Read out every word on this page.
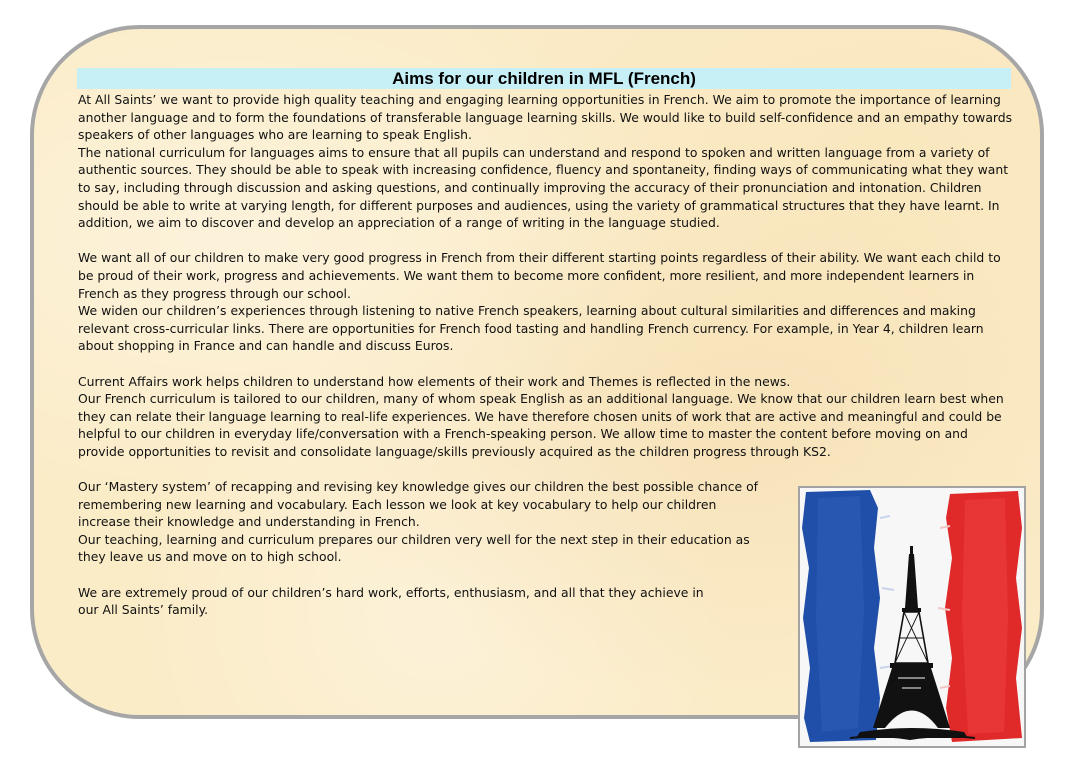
Aims for our children in MFL (French)

At All Saints’ we want to provide high quality teaching and engaging learning opportunities in French. We aim to promote the importance of learning another language and to form the foundations of transferable language learning skills. We would like to build self-confidence and an empathy towards speakers of other languages who are learning to speak English.

The national curriculum for languages aims to ensure that all pupils can understand and respond to spoken and written language from a variety of authentic sources. They should be able to speak with increasing confidence, fluency and spontaneity, finding ways of communicating what they want to say, including through discussion and asking questions, and continually improving the accuracy of their pronunciation and intonation. Children should be able to write at varying length, for different purposes and audiences, using the variety of grammatical structures that they have learnt. In addition, we aim to discover and develop an appreciation of a range of writing in the language studied.

We want all of our children to make very good progress in French from their different starting points regardless of their ability. We want each child to be proud of their work, progress and achievements. We want them to become more confident, more resilient, and more independent learners in French as they progress through our school.

We widen our children’s experiences through listening to native French speakers, learning about cultural similarities and differences and making relevant cross-curricular links. There are opportunities for French food tasting and handling French currency. For example, in Year 4, children learn about shopping in France and can handle and discuss Euros.

Current Affairs work helps children to understand how elements of their work and Themes is reflected in the news.

Our French curriculum is tailored to our children, many of whom speak English as an additional language. We know that our children learn best when they can relate their language learning to real-life experiences. We have therefore chosen units of work that are active and meaningful and could be helpful to our children in everyday life/conversation with a French-speaking person. We allow time to master the content before moving on and provide opportunities to revisit and consolidate language/skills previously acquired as the children progress through KS2.

Our ‘Mastery system’ of recapping and revising key knowledge gives our children the best possible chance of remembering new learning and vocabulary. Each lesson we look at key vocabulary to help our children increase their knowledge and understanding in French.

Our teaching, learning and curriculum prepares our children very well for the next step in their education as they leave us and move on to high school.

We are extremely proud of our children’s hard work, efforts, enthusiasm, and all that they achieve in our All Saints’ family.
